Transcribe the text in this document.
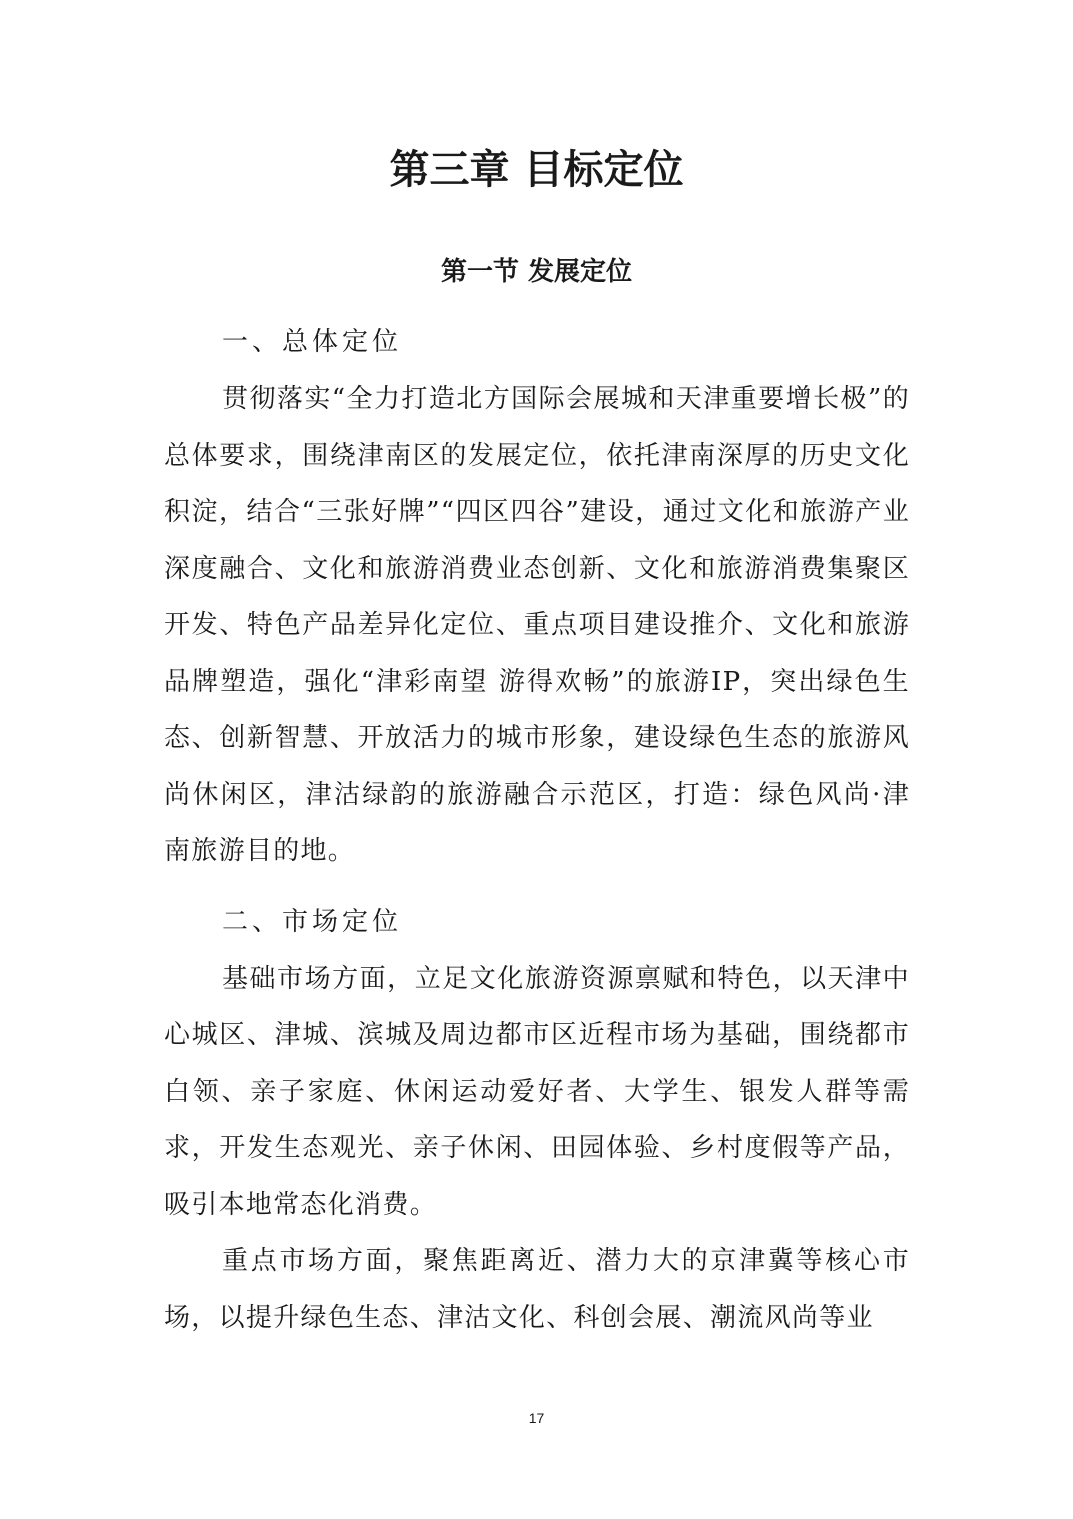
第三章 目标定位
第一节 发展定位
一、总体定位

贯彻落实“全力打造北方国际会展城和天津重要增长极”的总体要求，围绕津南区的发展定位，依托津南深厚的历史文化积淀，结合“三张好牌”“四区四谷”建设，通过文化和旅游产业深度融合、文化和旅游消费业态创新、文化和旅游消费集聚区开发、特色产品差异化定位、重点项目建设推介、文化和旅游品牌塑造，强化“津彩南望 游得欢畅”的旅游IP，突出绿色生态、创新智慧、开放活力的城市形象，建设绿色生态的旅游风尚休闲区，津沽绿韵的旅游融合示范区，打造：绿色风尚·津南旅游目的地。

二、市场定位

基础市场方面，立足文化旅游资源禀赋和特色，以天津中心城区、津城、滨城及周边都市区近程市场为基础，围绕都市白领、亲子家庭、休闲运动爱好者、大学生、银发人群等需求，开发生态观光、亲子休闲、田园体验、乡村度假等产品，吸引本地常态化消费。

重点市场方面，聚焦距离近、潜力大的京津冀等核心市场，以提升绿色生态、津沽文化、科创会展、潮流风尚等业

17
